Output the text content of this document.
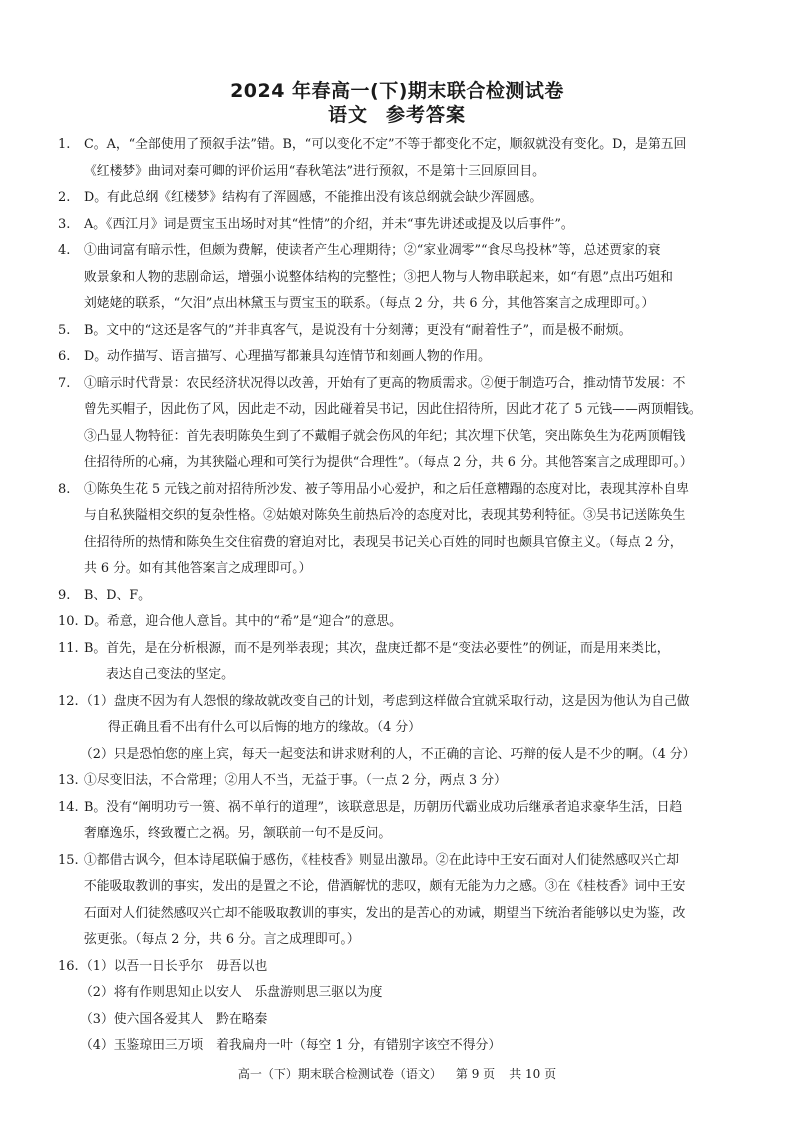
2024 年春高一(下)期末联合检测试卷
语文 参考答案
1.	C。A，“全部使用了预叙手法”错。B，“可以变化不定”不等于都变化不定，顺叙就没有变化。D，是第五回
《红楼梦》曲词对秦可卿的评价运用“春秋笔法”进行预叙，不是第十三回原回目。
2.	D。有此总纲《红楼梦》结构有了浑圆感，不能推出没有该总纲就会缺少浑圆感。
3.	A。《西江月》词是贾宝玉出场时对其“性情”的介绍，并未“事先讲述或提及以后事件”。
4.	①曲词富有暗示性，但颇为费解，使读者产生心理期待；②“家业凋零”“食尽鸟投林”等，总述贾家的衰
败景象和人物的悲剧命运，增强小说整体结构的完整性；③把人物与人物串联起来，如“有恩”点出巧姐和
刘姥姥的联系，“欠泪”点出林黛玉与贾宝玉的联系。（每点 2 分，共 6 分，其他答案言之成理即可。）
5.	B。文中的“这还是客气的”并非真客气，是说没有十分刻薄；更没有“耐着性子”，而是极不耐烦。
6.	D。动作描写、语言描写、心理描写都兼具勾连情节和刻画人物的作用。
7.	①暗示时代背景：农民经济状况得以改善，开始有了更高的物质需求。②便于制造巧合，推动情节发展：不
曾先买帽子，因此伤了风，因此走不动，因此碰着吴书记，因此住招待所，因此才花了 5 元钱——两顶帽钱。
③凸显人物特征：首先表明陈奂生到了不戴帽子就会伤风的年纪；其次埋下伏笔，突出陈奂生为花两顶帽钱
住招待所的心痛，为其狭隘心理和可笑行为提供“合理性”。（每点 2 分，共 6 分。其他答案言之成理即可。）
8.	①陈奂生花 5 元钱之前对招待所沙发、被子等用品小心爱护，和之后任意糟蹋的态度对比，表现其淳朴自卑
与自私狭隘相交织的复杂性格。②姑娘对陈奂生前热后冷的态度对比，表现其势利特征。③吴书记送陈奂生
住招待所的热情和陈奂生交住宿费的窘迫对比，表现吴书记关心百姓的同时也颇具官僚主义。（每点 2 分，
共 6 分。如有其他答案言之成理即可。）
9.	B、D、F。
10. D。希意，迎合他人意旨。其中的“希”是“迎合”的意思。
11. B。首先，是在分析根源，而不是列举表现；其次，盘庚迁都不是“变法必要性”的例证，而是用来类比，
表达自己变法的坚定。
12. （1）盘庚不因为有人怨恨的缘故就改变自己的计划，考虑到这样做合宜就采取行动，这是因为他认为自己做
得正确且看不出有什么可以后悔的地方的缘故。（4 分）
（2）只是恐怕您的座上宾，每天一起变法和讲求财利的人，不正确的言论、巧辩的佞人是不少的啊。（4 分）
13. ①尽变旧法，不合常理；②用人不当，无益于事。（一点 2 分，两点 3 分）
14. B。没有“阐明功亏一篑、祸不单行的道理”，该联意思是，历朝历代霸业成功后继承者追求豪华生活，日趋
奢靡逸乐，终致覆亡之祸。另，颔联前一句不是反问。
15. ①都借古讽今，但本诗尾联偏于感伤，《桂枝香》则显出激昂。②在此诗中王安石面对人们徒然感叹兴亡却
不能吸取教训的事实，发出的是置之不论，借酒解忧的悲叹，颇有无能为力之感。③在《桂枝香》词中王安
石面对人们徒然感叹兴亡却不能吸取教训的事实，发出的是苦心的劝诫，期望当下统治者能够以史为鉴，改
弦更张。（每点 2 分，共 6 分。言之成理即可。）
16. （1）以吾一日长乎尔　毋吾以也
（2）将有作则思知止以安人　乐盘游则思三驱以为度
（3）使六国各爱其人　黔在略秦
（4）玉鉴琼田三万顷　着我扁舟一叶（每空 1 分，有错别字该空不得分）
高一（下）期末联合检测试卷（语文） 第 9 页 共 10 页
